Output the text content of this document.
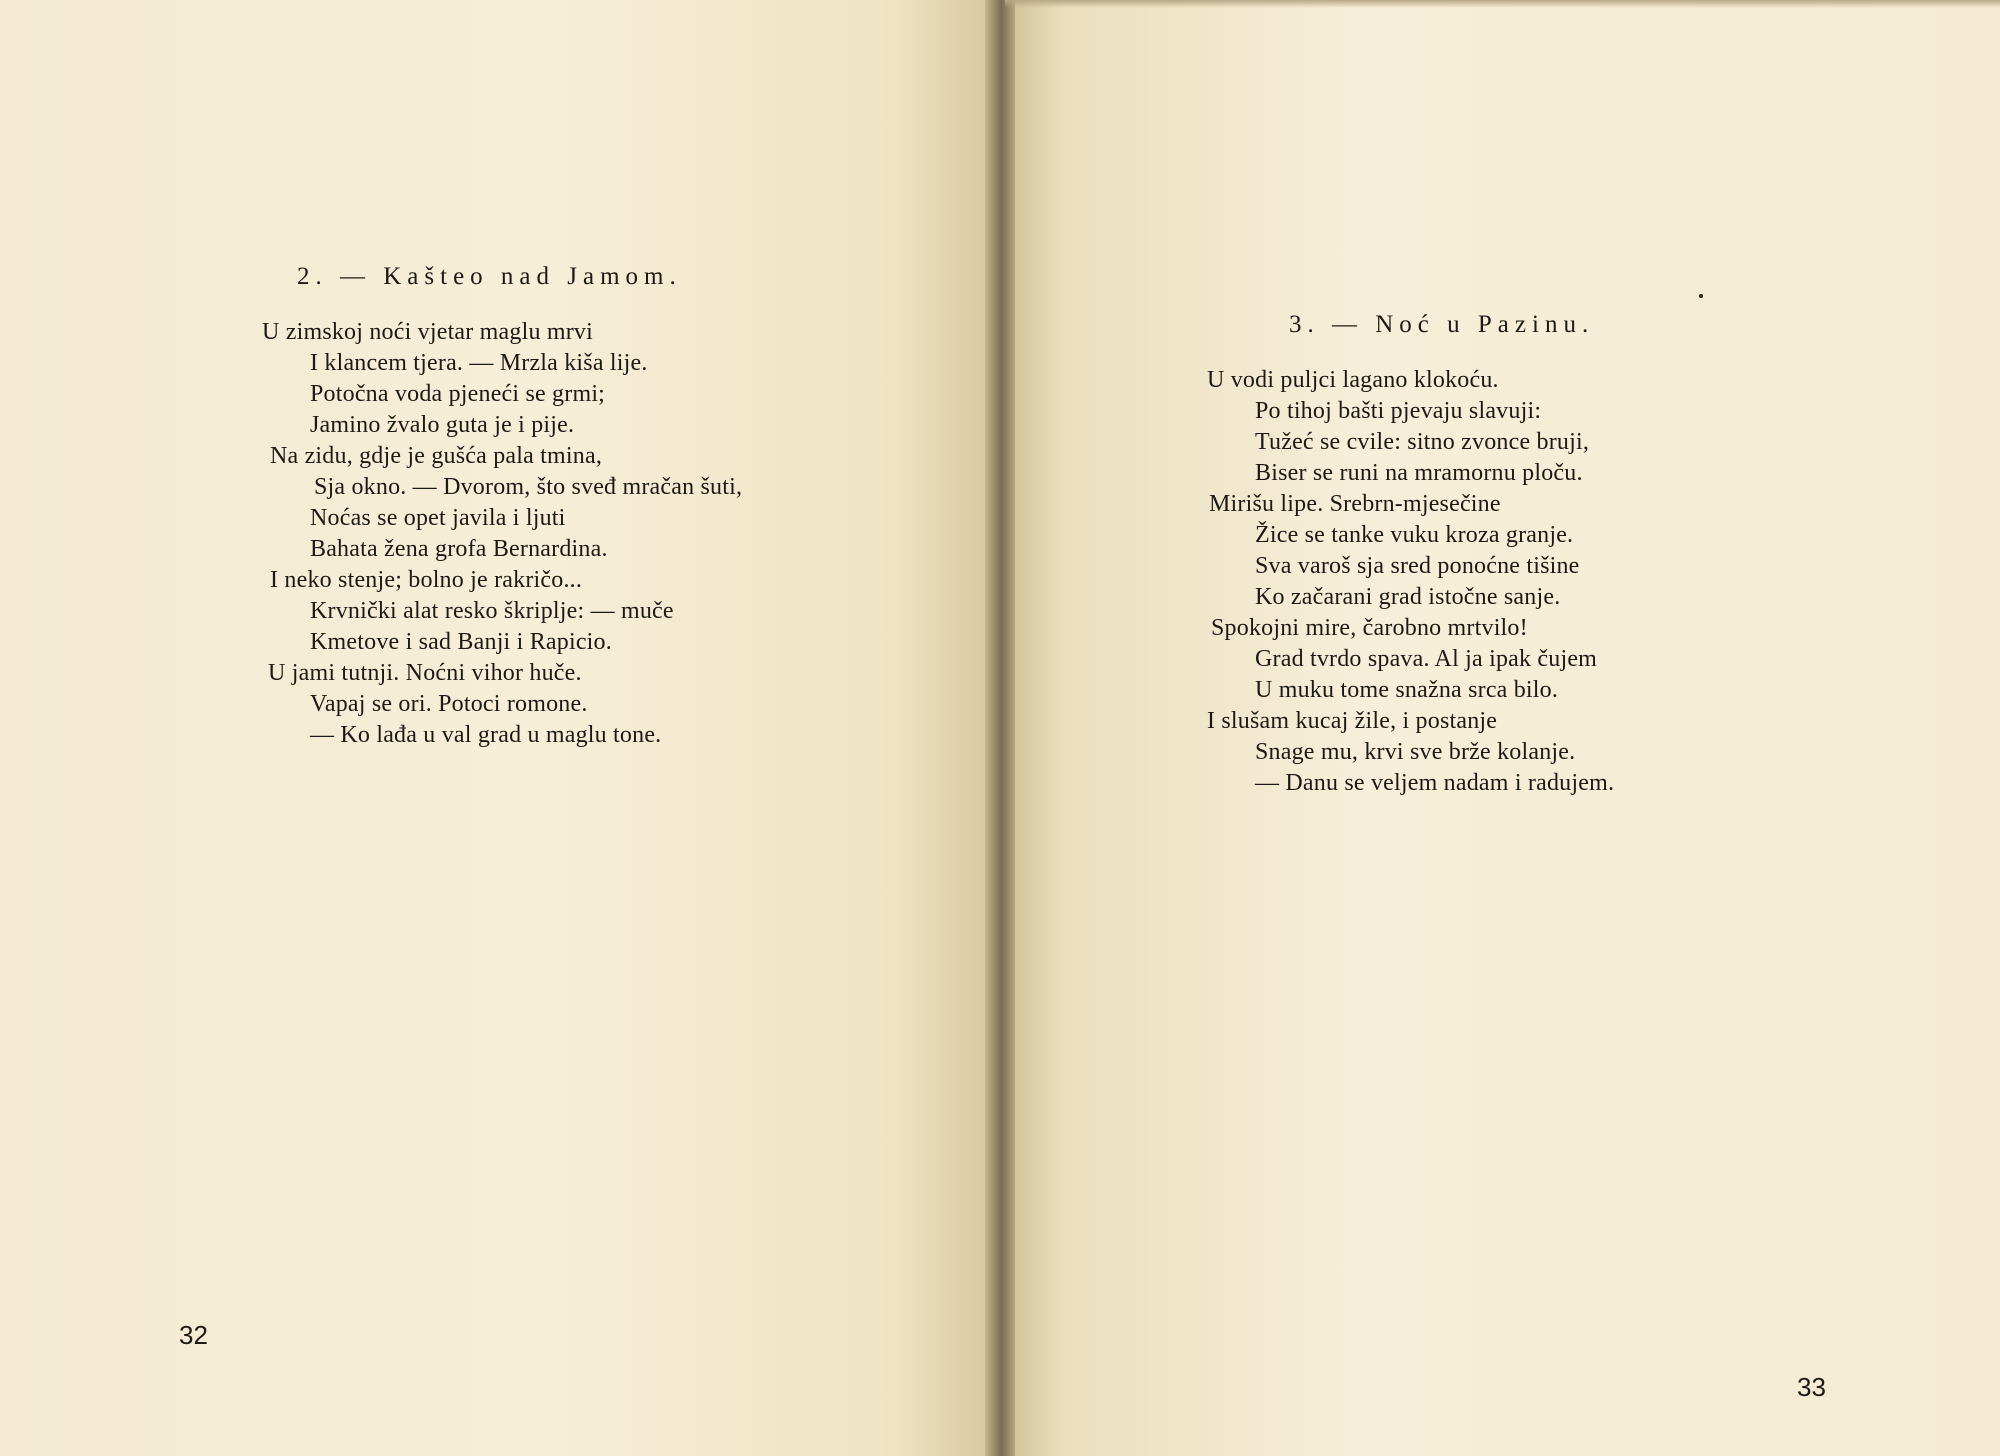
2. — Kašteo nad Jamom.
U zimskoj noći vjetar maglu mrvi
I klancem tjera. — Mrzla kiša lije.
Potočna voda pjeneći se grmi;
Jamino žvalo guta je i pije.
Na zidu, gdje je gušća pala tmina,
Sja okno. — Dvorom, što sveđ mračan šuti,
Noćas se opet javila i ljuti
Bahata žena grofa Bernardina.
I neko stenje; bolno je rakričo...
Krvnički alat resko škriplje: — muče
Kmetove i sad Banji i Rapicio.
U jami tutnji. Noćni vihor huče.
Vapaj se ori. Potoci romone.
— Ko lađa u val grad u maglu tone.
32
3. — Noć u Pazinu.
U vodi puljci lagano klokoću.
Po tihoj bašti pjevaju slavuji:
Tužeć se cvile: sitno zvonce bruji,
Biser se runi na mramornu ploču.
Mirišu lipe. Srebrn-mjesečine
Žice se tanke vuku kroza granje.
Sva varoš sja sred ponoćne tišine
Ko začarani grad istočne sanje.
Spokojni mire, čarobno mrtvilo!
Grad tvrdo spava. Al ja ipak čujem
U muku tome snažna srca bilo.
I slušam kucaj žile, i postanje
Snage mu, krvi sve brže kolanje.
— Danu se veljem nadam i radujem.
33
